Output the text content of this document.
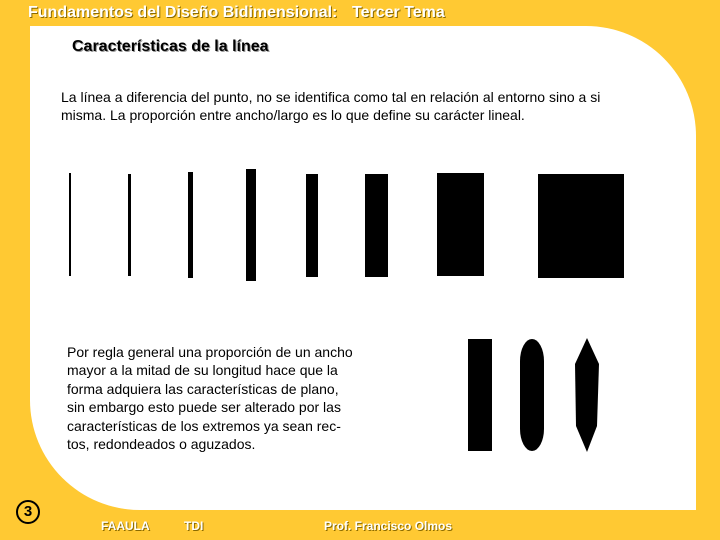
Fundamentos del Diseño Bidimensional: Tercer Tema
Características de la línea
La línea a diferencia del punto, no se identifica como tal en relación al entorno sino a si misma. La proporción entre ancho/largo es lo que define su carácter lineal.
Por regla general una proporción de un ancho
mayor a la mitad de su longitud hace que la
forma adquiera las características de plano,
sin embargo esto puede ser alterado por las
características de los extremos ya sean rec-
tos, redondeados o aguzados.
3
FAAULA	TDI	Prof. Francisco Olmos
